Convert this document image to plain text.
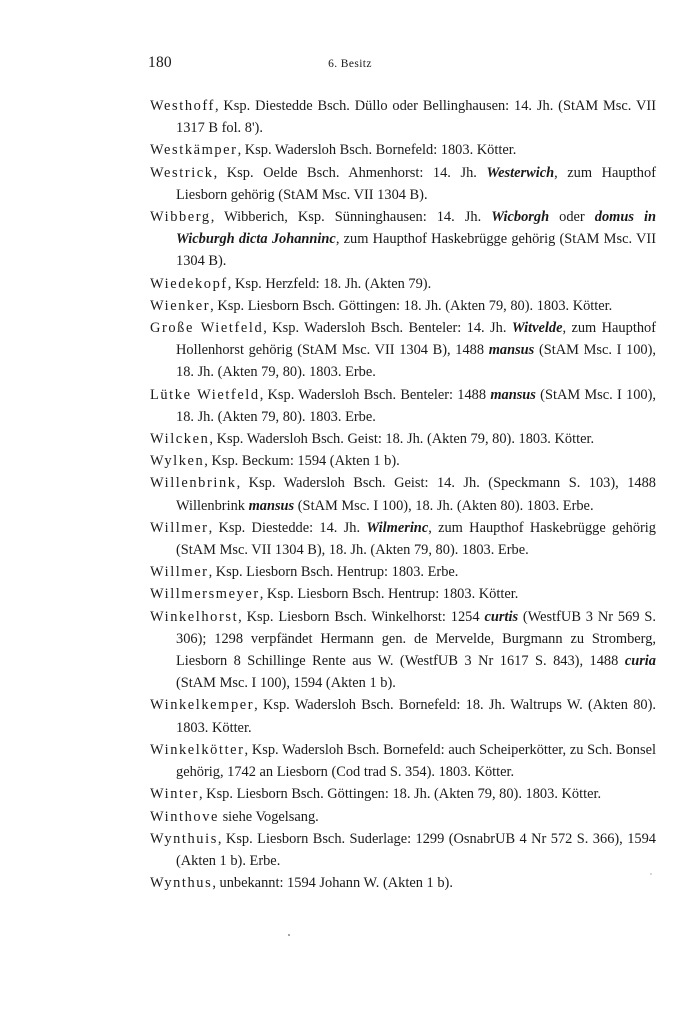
180	6. Besitz

Westhoff, Ksp. Diestedde Bsch. Düllo oder Bellinghausen: 14. Jh. (StAM Msc. VII 1317 B fol. 8').

Westkämper, Ksp. Wadersloh Bsch. Bornefeld: 1803. Kötter.

Westrick, Ksp. Oelde Bsch. Ahmenhorst: 14. Jh. Westerwich, zum Haupthof Liesborn gehörig (StAM Msc. VII 1304 B).

Wibberg, Wibberich, Ksp. Sünninghausen: 14. Jh. Wicborgh oder domus in Wicburgh dicta Johanninc, zum Haupthof Haskebrügge gehörig (StAM Msc. VII 1304 B).

Wiedekopf, Ksp. Herzfeld: 18. Jh. (Akten 79).

Wienker, Ksp. Liesborn Bsch. Göttingen: 18. Jh. (Akten 79, 80). 1803. Kötter.

Große Wietfeld, Ksp. Wadersloh Bsch. Benteler: 14. Jh. Witvelde, zum Haupthof Hollenhorst gehörig (StAM Msc. VII 1304 B), 1488 mansus (StAM Msc. I 100), 18. Jh. (Akten 79, 80). 1803. Erbe.

Lütke Wietfeld, Ksp. Wadersloh Bsch. Benteler: 1488 mansus (StAM Msc. I 100), 18. Jh. (Akten 79, 80). 1803. Erbe.

Wilcken, Ksp. Wadersloh Bsch. Geist: 18. Jh. (Akten 79, 80). 1803. Kötter.

Wylken, Ksp. Beckum: 1594 (Akten 1 b).

Willenbrink, Ksp. Wadersloh Bsch. Geist: 14. Jh. (Speckmann S. 103), 1488 Willenbrink mansus (StAM Msc. I 100), 18. Jh. (Akten 80). 1803. Erbe.

Willmer, Ksp. Diestedde: 14. Jh. Wilmerinc, zum Haupthof Haskebrügge gehörig (StAM Msc. VII 1304 B), 18. Jh. (Akten 79, 80). 1803. Erbe.

Willmer, Ksp. Liesborn Bsch. Hentrup: 1803. Erbe.

Willmersmeyer, Ksp. Liesborn Bsch. Hentrup: 1803. Kötter.

Winkelhorst, Ksp. Liesborn Bsch. Winkelhorst: 1254 curtis (WestfUB 3 Nr 569 S. 306); 1298 verpfändet Hermann gen. de Mervelde, Burgmann zu Stromberg, Liesborn 8 Schillinge Rente aus W. (WestfUB 3 Nr 1617 S. 843), 1488 curia (StAM Msc. I 100), 1594 (Akten 1 b).

Winkelkemper, Ksp. Wadersloh Bsch. Bornefeld: 18. Jh. Waltrups W. (Akten 80). 1803. Kötter.

Winkelkötter, Ksp. Wadersloh Bsch. Bornefeld: auch Scheiperkötter, zu Sch. Bonsel gehörig, 1742 an Liesborn (Cod trad S. 354). 1803. Kötter.

Winter, Ksp. Liesborn Bsch. Göttingen: 18. Jh. (Akten 79, 80). 1803. Kötter.

Winthove siehe Vogelsang.

Wynthuis, Ksp. Liesborn Bsch. Suderlage: 1299 (OsnabrUB 4 Nr 572 S. 366), 1594 (Akten 1 b). Erbe.

Wynthus, unbekannt: 1594 Johann W. (Akten 1 b).
